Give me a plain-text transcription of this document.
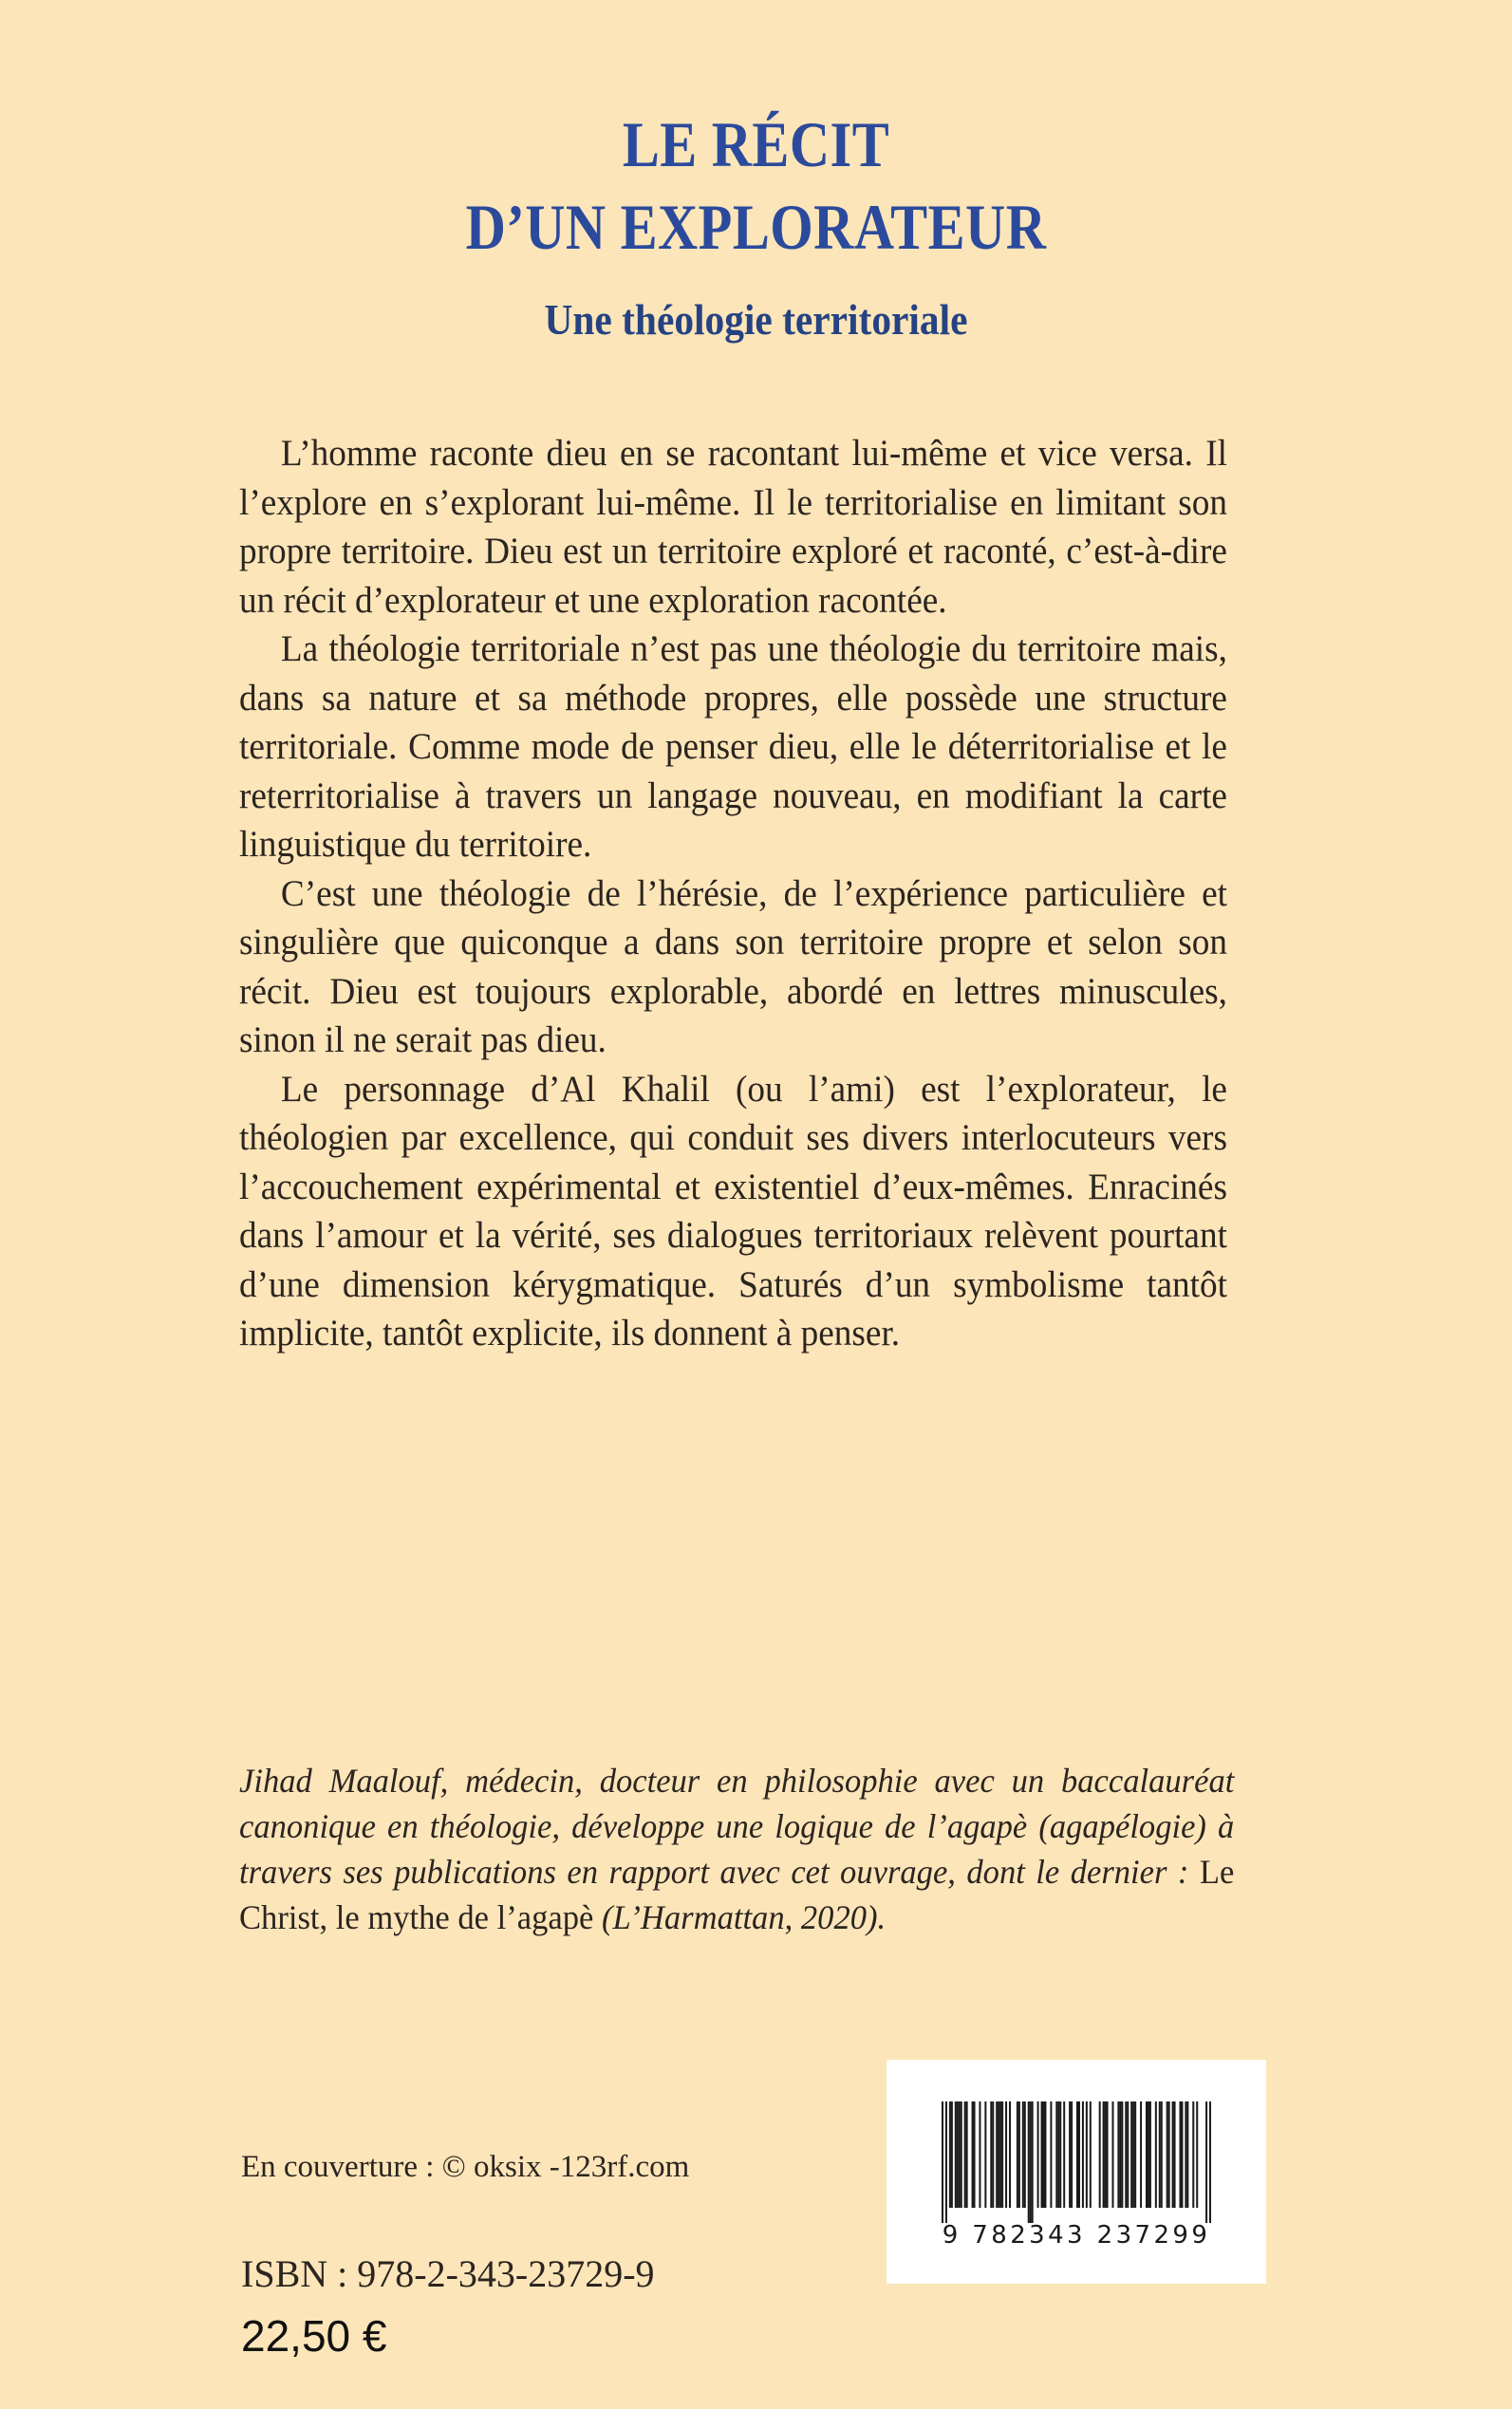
LE RÉCIT
D’UN EXPLORATEUR
Une théologie territoriale

L’homme raconte dieu en se racontant lui-même et vice versa. Il l’explore en s’explorant lui-même. Il le territorialise en limitant son propre territoire. Dieu est un territoire exploré et raconté, c’est-à-dire un récit d’explorateur et une exploration racontée.

La théologie territoriale n’est pas une théologie du territoire mais, dans sa nature et sa méthode propres, elle possède une structure territoriale. Comme mode de penser dieu, elle le déterritorialise et le reterritorialise à travers un langage nouveau, en modifiant la carte linguistique du territoire.

C’est une théologie de l’hérésie, de l’expérience particulière et singulière que quiconque a dans son territoire propre et selon son récit. Dieu est toujours explorable, abordé en lettres minuscules, sinon il ne serait pas dieu.

Le personnage d’Al Khalil (ou l’ami) est l’explorateur, le théologien par excellence, qui conduit ses divers interlocuteurs vers l’accouchement expérimental et existentiel d’eux-mêmes. Enracinés dans l’amour et la vérité, ses dialogues territoriaux relèvent pourtant d’une dimension kérygmatique. Saturés d’un symbolisme tantôt implicite, tantôt explicite, ils donnent à penser.

Jihad Maalouf, médecin, docteur en philosophie avec un baccalauréat canonique en théologie, développe une logique de l’agapè (agapélogie) à travers ses publications en rapport avec cet ouvrage, dont le dernier : Le Christ, le mythe de l’agapè (L’Harmattan, 2020).
En couverture : © oksix -123rf.com
ISBN : 978-2-343-23729-9
22,50 €
9 782343 237299
